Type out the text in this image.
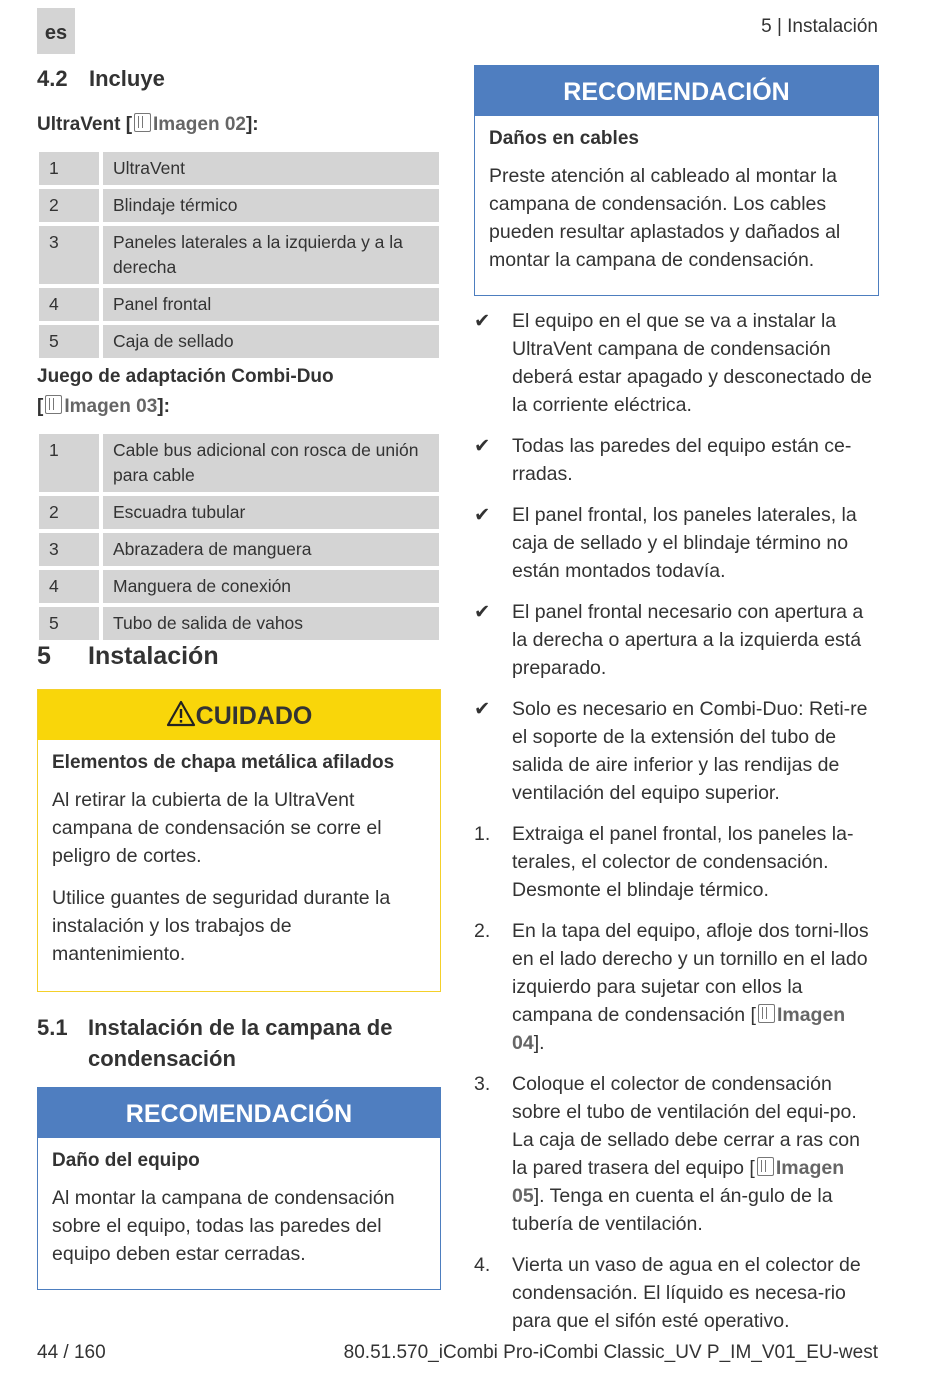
es	5 | Instalación
4.2 Incluye
UltraVent [ Imagen 02]:
1	UltraVent
2	Blindaje térmico
3	Paneles laterales a la izquierda y a la derecha
4	Panel frontal
5	Caja de sellado
Juego de adaptación Combi-Duo
[ Imagen 03]:
1	Cable bus adicional con rosca de unión para cable
2	Escuadra tubular
3	Abrazadera de manguera
4	Manguera de conexión
5	Tubo de salida de vahos
5 Instalación
CUIDADO
Elementos de chapa metálica afilados

Al retirar la cubierta de la UltraVent campana de condensación se corre el peligro de cortes.

Utilice guantes de seguridad durante la instalación y los trabajos de mantenimiento.

5.1 Instalación de la campana de condensación
RECOMENDACIÓN
Daño del equipo

Al montar la campana de condensación sobre el equipo, todas las paredes del equipo deben estar cerradas.

RECOMENDACIÓN
Daños en cables

Preste atención al cableado al montar la campana de condensación. Los cables pueden resultar aplastados y dañados al montar la campana de condensación.

✔	El equipo en el que se va a instalar la UltraVent campana de condensación deberá estar apagado y desconectado de la corriente eléctrica.
✔	Todas las paredes del equipo están ce-rradas.
✔	El panel frontal, los paneles laterales, la caja de sellado y el blindaje término no están montados todavía.
✔	El panel frontal necesario con apertura a la derecha o apertura a la izquierda está preparado.
✔	Solo es necesario en Combi-Duo: Reti-re el soporte de la extensión del tubo de salida de aire inferior y las rendijas de ventilación del equipo superior.
1.	Extraiga el panel frontal, los paneles la-terales, el colector de condensación. Desmonte el blindaje térmico.
2.	En la tapa del equipo, afloje dos torni-llos en el lado derecho y un tornillo en el lado izquierdo para sujetar con ellos la campana de condensación [ Imagen 04].
3.	Coloque el colector de condensación sobre el tubo de ventilación del equi-po. La caja de sellado debe cerrar a ras con la pared trasera del equipo [ Imagen 05]. Tenga en cuenta el án-gulo de la tubería de ventilación.
4.	Vierta un vaso de agua en el colector de condensación. El líquido es necesa-rio para que el sifón esté operativo.
44 / 160	80.51.570_iCombi Pro-iCombi Classic_UV P_IM_V01_EU-west
